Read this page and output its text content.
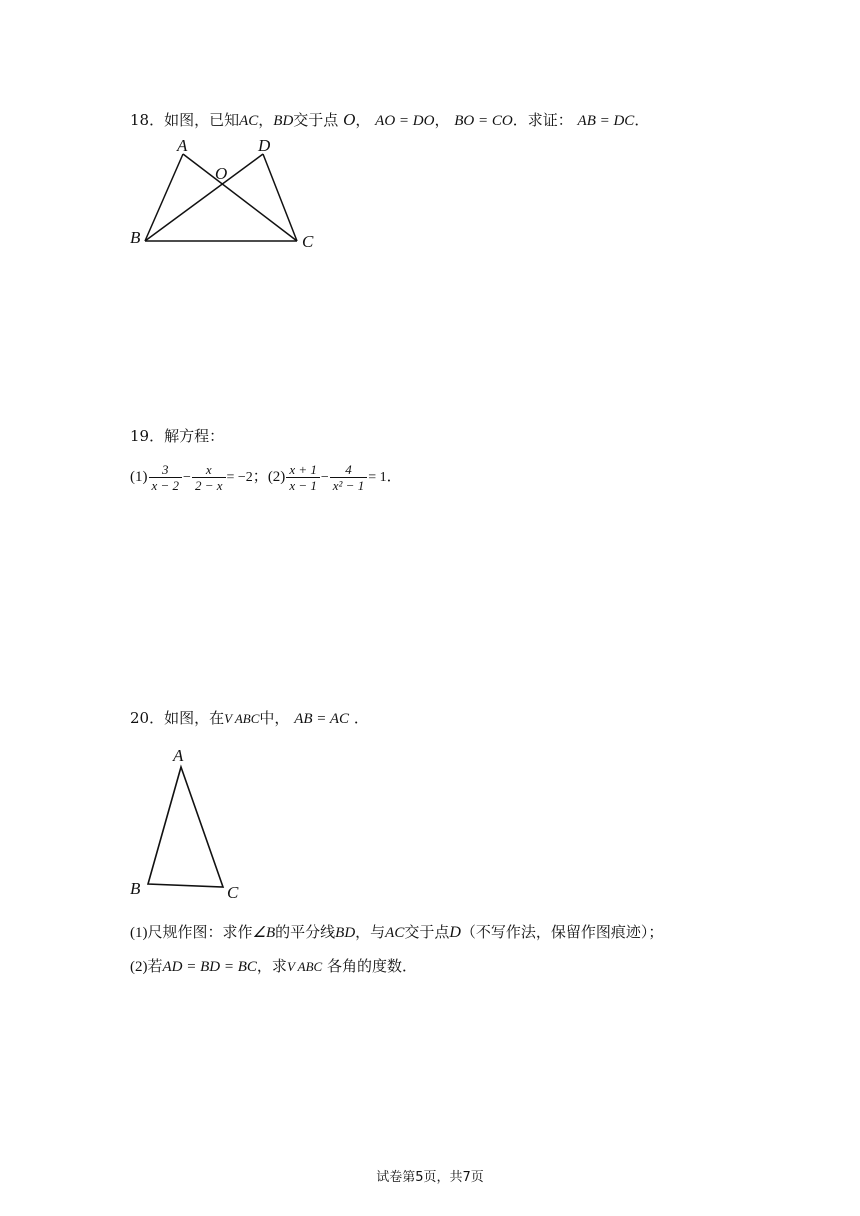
18．如图，已知AC，BD交于点 O， AO = DO， BO = CO．求证： AB = DC．
A	D
O
B	C
19．解方程：
$(1) \frac{3}{x - 2} - \frac{x}{2 - x} = -2$；$(2) \frac{x + 1}{x - 1} - \frac{4}{\text{x² − 1}} = 1$．
20．如图，在V ABC中， AB = AC ．
A
B	C
(1)尺规作图：求作∠B的平分线BD，与AC交于点D（不写作法，保留作图痕迹）；
(2)若AD = BD = BC，求V ABC 各角的度数．
试卷第5页，共7页
